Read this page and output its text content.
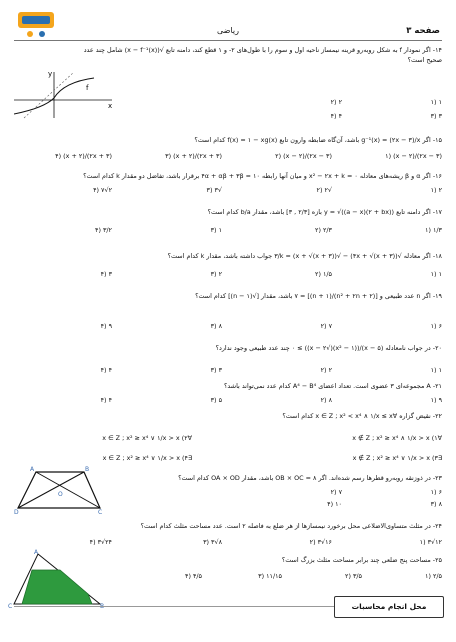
ریاضی	صفحه ۳
۱۴- اگر نمودار f به شکل رو‌به‌رو قرینه نیمساز ناحیه اول و سوم را با طول‌های ۲- و ۱ قطع کند، دامنه تابع √(x − f⁻¹(x)) شامل چند عدد
صحیح است؟
x
y
f
۱ (۱
۲ (۲
۳ (۳
۴ (۴
۱۵- اگر g⁻¹(x) = (۲x − ۳)/x باشد، آن‌گاه ضابطه وارون تابع f(x) = ۱ − xg(x) کدام است؟
(۲x − ۳)/(x − ۲) (۱
(۲x − ۳)/(x − ۲) (۲
(۲x + ۳)/(x + ۲) (۳
(۲x + ۳)/(x + ۲) (۴
۱۶- اگر α و β ریشه‌های معادله x² − ۲x + k = ۰ و میان آنها رابطه ۴α + αβ + ۳β = ۱۰ برقرار باشد، تفاضل دو مقدار k کدام است؟
۲ (۱
√۲ (۲
√۳ (۳
۲√۷ (۴
۱۷- اگر دامنه تابع y = √((a − x)(۲ + bx)) بازه [۲/۳ , ۳] باشد، مقدار b/a کدام است؟
۱/۳ (۱
۲/۳ (۲
۱ (۳
۳/۲ (۴
۱۸- اگر معادله √(۴x + √(x + ۳)) − √(x + √(x + ۳)) = ۳/k جواب داشته باشد، مقدار k کدام است؟
۱ (۱
۱/۵ (۲
۲ (۳
۳ (۴
۱۹- اگر n عدد طبیعی و [(n² + ۲n + ۲)/(n + ۱)] = ۷ باشد، مقدار [√(n − ۱)] کدام است؟
۶ (۱
۷ (۲
۸ (۳
۹ (۴
۲۰- در جواب نامعادله (x − ۵)/((x² − ۱)(√x − ۲)) ≥ ۰ چند عدد طبیعی وجود ندارد؟
۱ (۱
۲ (۲
۳ (۳
۴ (۴
۲۱- A مجموعه‌ای ۳ عضوی است. تعداد اعضای A⁴ − B⁴ کدام عدد نمی‌تواند باشد؟
۹ (۱
۸ (۲
۵ (۳
۴ (۴
۲۲- نقیض گزاره ∀x ∈ Z ; x² < x⁴ ∧ ۱/x ≤ x کدام است؟
∀x ∉ Z ; x² ≥ x⁴ ∧ ۱/x > x (۱
∀x ∈ Z ; x² ≥ x⁴ ∨ ۱/x > x (۲
∃x ∉ Z ; x² ≥ x⁴ ∨ ۱/x > x (۳
∃x ∈ Z ; x² ≥ x⁴ ∨ ۱/x > x (۴
A	B
C
D
O
۲۳- در ذوزنقه رو‌به‌رو قطرها رسم شده‌اند. اگر OB × OC = ۸ باشد، مقدار OA × OD کدام است؟
۶ (۱
۷ (۲
۸ (۳
۱۰ (۴
۲۴- در مثلث متساوی‌الاضلاعی محل برخورد نیمسازها از هر ضلع به فاصله ۲ است. عدد مساحت مثلث کدام است؟
۱۲√۳ (۱
۱۶√۳ (۲
۸√۳ (۳
۲۴√۳ (۴
A
B
C
۲۵- مساحت پنج ضلعی چند برابر مساحت مثلث بزرگ است؟
۲/۵ (۱
۳/۵ (۲
۱۱/۱۵ (۳
۴/۵ (۴
محل انجام محاسبات
